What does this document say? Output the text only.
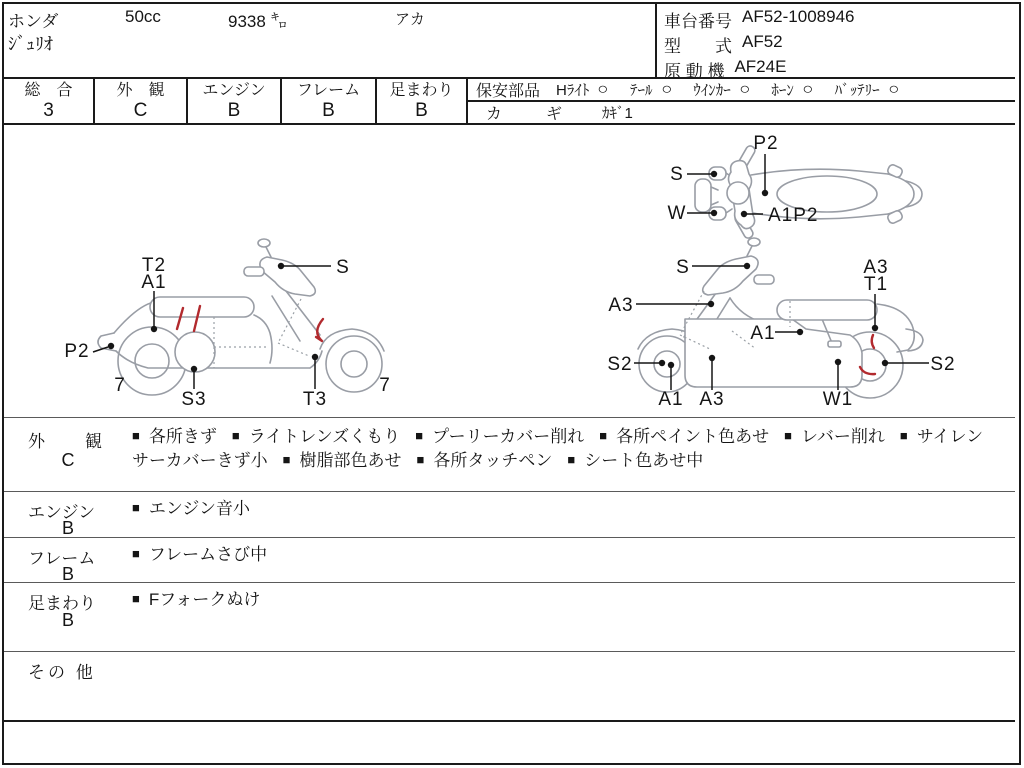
ホンダ	50cc	9338 ㌔	アカ
ｼﾞｭﾘｵ
車台番号 AF52-1008946
型　　式 AF52
原 動 機 AF24E
総　合
3
外　観
C
エンジン
B
フレーム
B
足まわり
B
保安部品 Hﾗｲﾄ ○ ﾃｰﾙ ○ ｳｲﾝｶｰ ○ ﾎｰﾝ ○ ﾊﾞｯﾃﾘｰ ○
カ　ギ ｶｷﾞ1
P2
S
W	A1P2
T2
A1
S
P2
7
S3	T3
7
S
A3
A1
A3
T1
S2
A1 A3	W1
S2
外　　観
C
■ 各所きず ■ ライトレンズくもり ■ プーリーカバー削れ ■ 各所ペイント色あせ ■ レバー削れ ■ サイレンサーカバーきず小 ■ 樹脂部色あせ ■ 各所タッチペン ■ シート色あせ中
エンジン
B
■ エンジン音小
フレーム
B
■ フレームさび中
足まわり
B
■ Fフォークぬけ
その 他
